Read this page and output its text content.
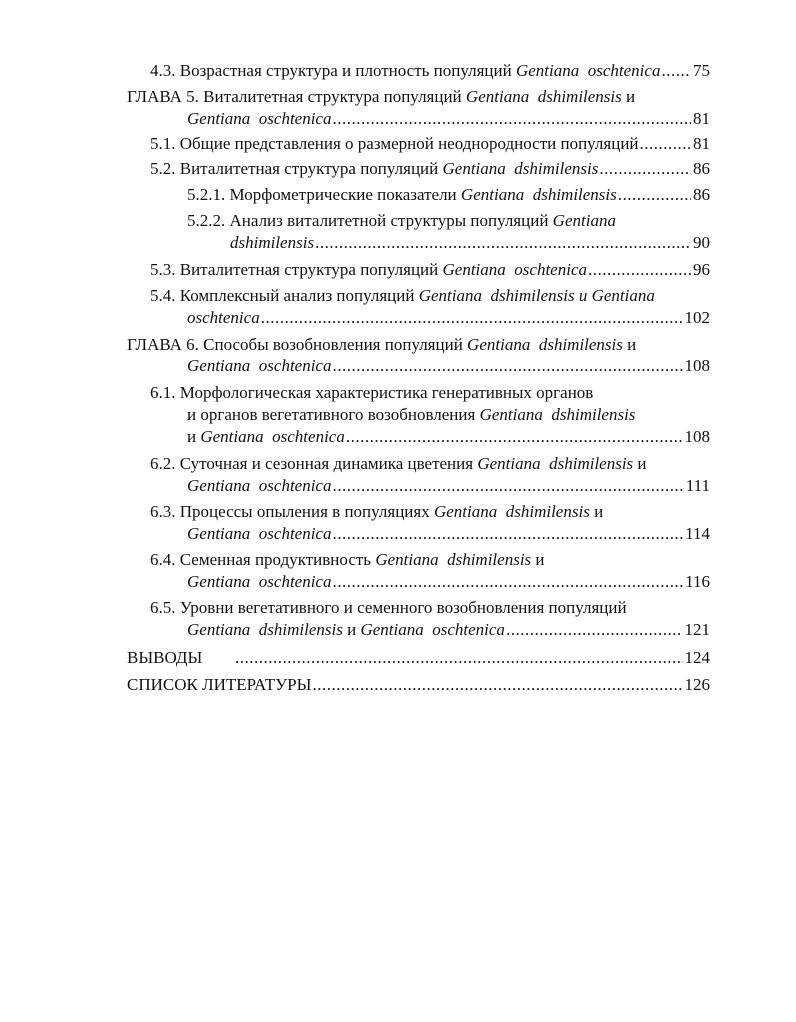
4.3. Возрастная структура и плотность популяций Gentiana oschtenica ..... 75
ГЛАВА 5. Виталитетная структура популяций Gentiana dshimilensis и
Gentiana oschtenica .....	81
5.1. Общие представления о размерной неоднородности популяций .....	81
5.2. Виталитетная структура популяций Gentiana dshimilensis .....	86
5.2.1. Морфометрические показатели Gentiana dshimilensis .....	86
5.2.2. Анализ виталитетной структуры популяций Gentiana
dshimilensis .....	90
5.3. Виталитетная структура популяций Gentiana oschtenica .....	96
5.4. Комплексный анализ популяций Gentiana dshimilensis и Gentiana
oschtenica .....	102
ГЛАВА 6. Способы возобновления популяций Gentiana dshimilensis и
Gentiana oschtenica .....	108
6.1. Морфологическая характеристика генеративных органов
и органов вегетативного возобновления Gentiana dshimilensis
и Gentiana oschtenica .....	108
6.2. Суточная и сезонная динамика цветения Gentiana dshimilensis и
Gentiana oschtenica .....	111
6.3. Процессы опыления в популяциях Gentiana dshimilensis и
Gentiana oschtenica .....	114
6.4. Семенная продуктивность Gentiana dshimilensis и
Gentiana oschtenica .....	116
6.5. Уровни вегетативного и семенного возобновления популяций
Gentiana dshimilensis и Gentiana oschtenica .....	121
ВЫВОДЫ .....	124
СПИСОК ЛИТЕРАТУРЫ .....	126
